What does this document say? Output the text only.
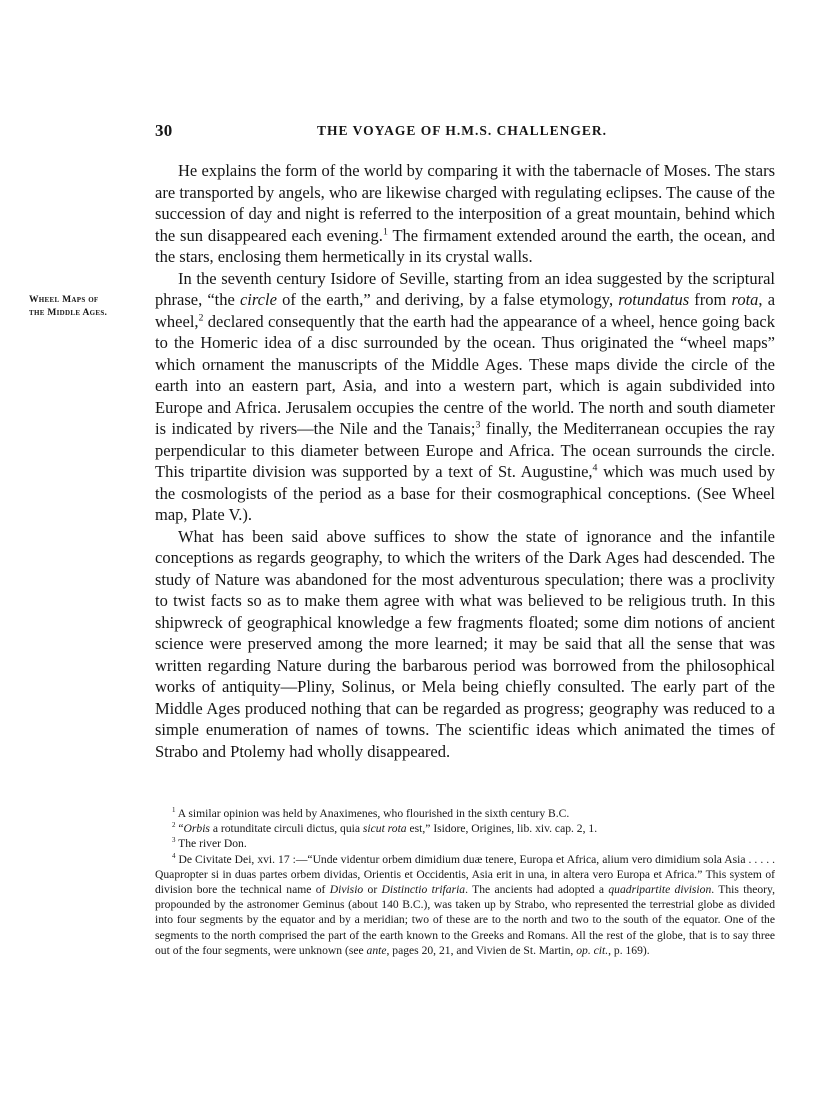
30	THE VOYAGE OF H.M.S. CHALLENGER.
Wheel Maps of
the Middle Ages.

He explains the form of the world by comparing it with the tabernacle of Moses. The stars are transported by angels, who are likewise charged with regulating eclipses. The cause of the succession of day and night is referred to the interposition of a great mountain, behind which the sun disappeared each evening.$^1$ The firmament extended around the earth, the ocean, and the stars, enclosing them hermetically in its crystal walls.

In the seventh century Isidore of Seville, starting from an idea suggested by the scriptural phrase, “the circle of the earth,” and deriving, by a false etymology, rotundatus from rota, a wheel,$^2$ declared consequently that the earth had the appearance of a wheel, hence going back to the Homeric idea of a disc surrounded by the ocean. Thus originated the “wheel maps” which ornament the manuscripts of the Middle Ages. These maps divide the circle of the earth into an eastern part, Asia, and into a western part, which is again subdivided into Europe and Africa. Jerusalem occupies the centre of the world. The north and south diameter is indicated by rivers—the Nile and the Tanais;$^3$ finally, the Mediterranean occupies the ray perpendicular to this diameter between Europe and Africa. The ocean surrounds the circle. This tripartite division was supported by a text of St. Augustine,$^4$ which was much used by the cosmologists of the period as a base for their cosmographical conceptions. (See Wheel map, Plate V.).

What has been said above suffices to show the state of ignorance and the infantile conceptions as regards geography, to which the writers of the Dark Ages had descended. The study of Nature was abandoned for the most adventurous speculation; there was a proclivity to twist facts so as to make them agree with what was believed to be religious truth. In this shipwreck of geographical knowledge a few fragments floated; some dim notions of ancient science were preserved among the more learned; it may be said that all the sense that was written regarding Nature during the barbarous period was borrowed from the philosophical works of antiquity—Pliny, Solinus, or Mela being chiefly consulted. The early part of the Middle Ages produced nothing that can be regarded as progress; geography was reduced to a simple enumeration of names of towns. The scientific ideas which animated the times of Strabo and Ptolemy had wholly disappeared.

$^1$ A similar opinion was held by Anaximenes, who flourished in the sixth century B.C.

$^2$ “Orbis a rotunditate circuli dictus, quia sicut rota est,” Isidore, Origines, lib. xiv. cap. 2, 1.

$^3$ The river Don.

$^4$ De Civitate Dei, xvi. 17 :—“Unde videntur orbem dimidium duæ tenere, Europa et Africa, alium vero dimidium sola Asia . . . . . Quapropter si in duas partes orbem dividas, Orientis et Occidentis, Asia erit in una, in altera vero Europa et Africa.” This system of division bore the technical name of Divisio or Distinctio trifaria. The ancients had adopted a quadripartite division. This theory, propounded by the astronomer Geminus (about 140 B.C.), was taken up by Strabo, who represented the terrestrial globe as divided into four segments by the equator and by a meridian; two of these are to the north and two to the south of the equator. One of the segments to the north comprised the part of the earth known to the Greeks and Romans. All the rest of the globe, that is to say three out of the four segments, were unknown (see ante, pages 20, 21, and Vivien de St. Martin, op. cit., p. 169).
